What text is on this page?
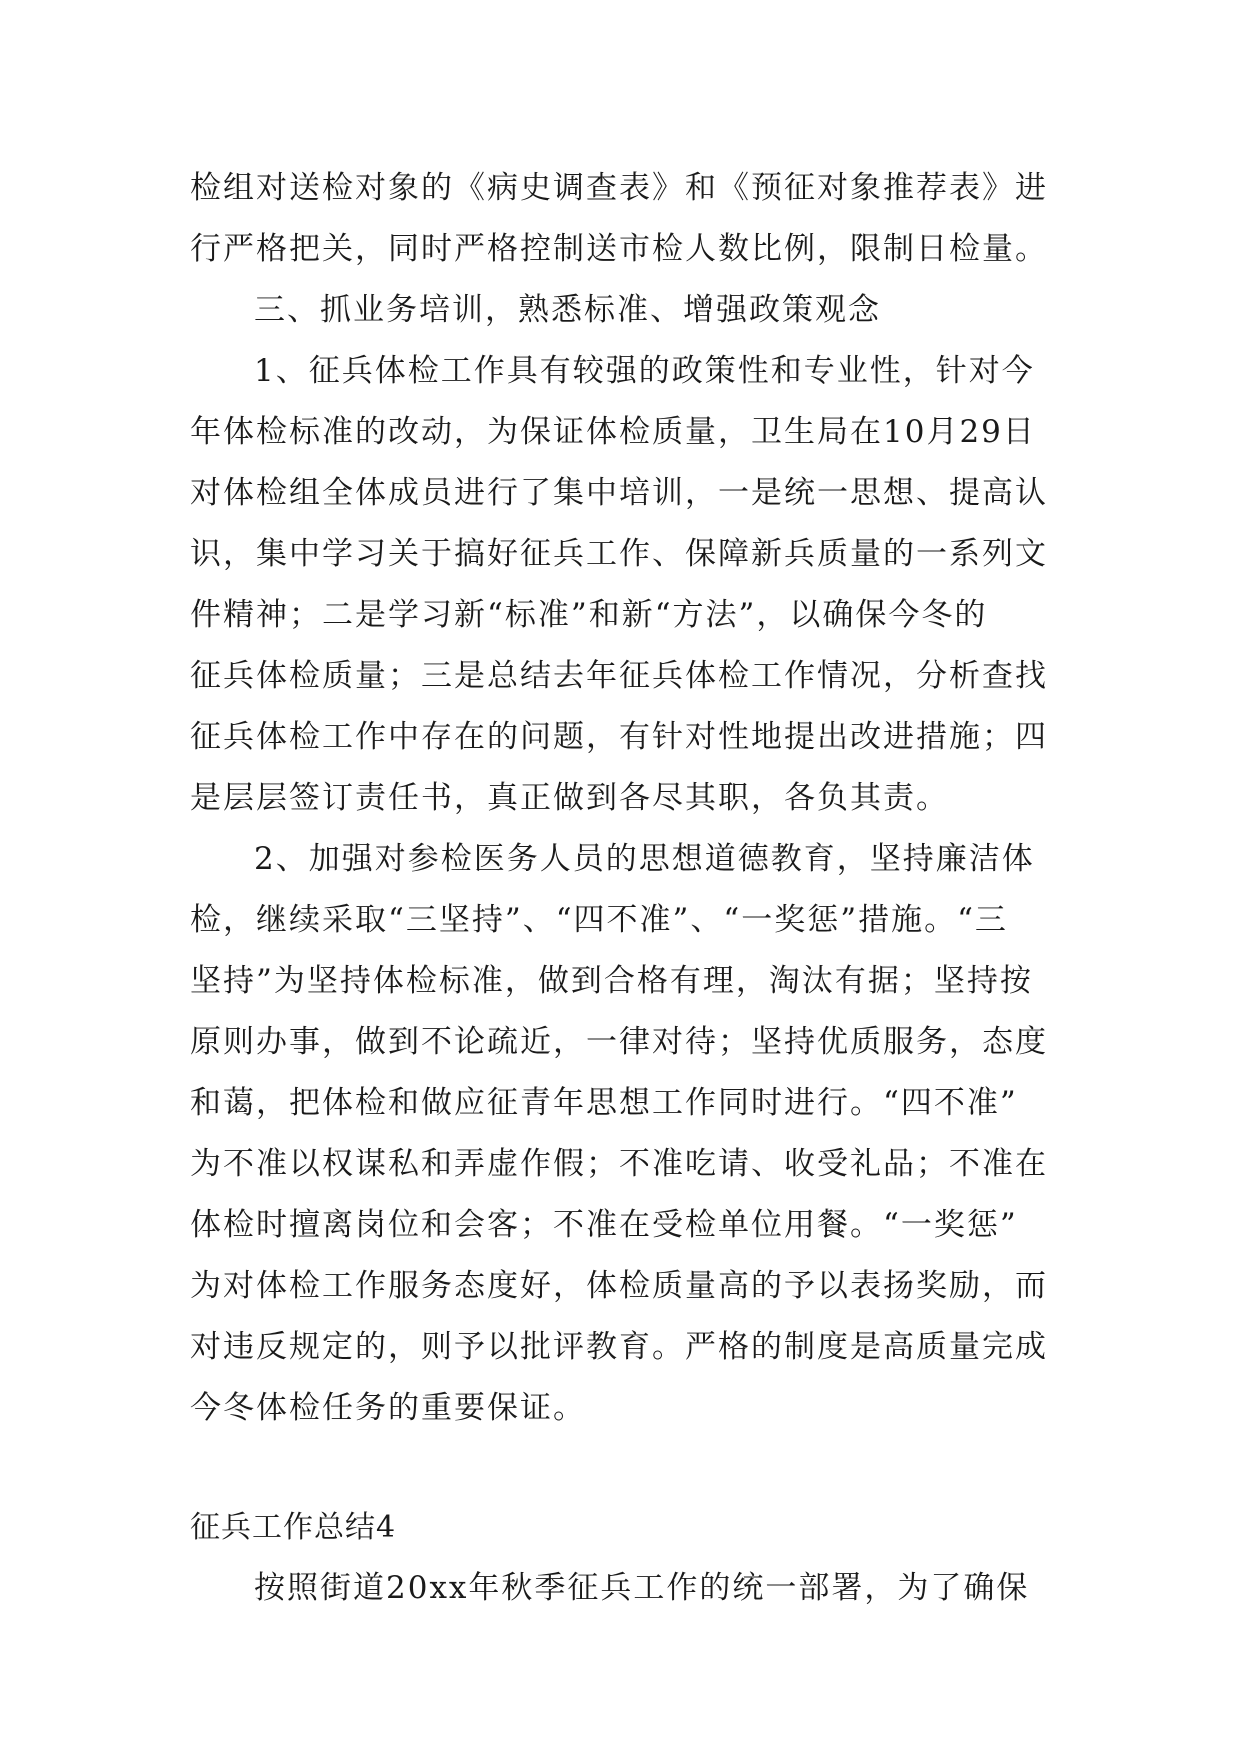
检组对送检对象的《病史调查表》和《预征对象推荐表》进
行严格把关，同时严格控制送市检人数比例，限制日检量。
三、抓业务培训，熟悉标准、增强政策观念
1、征兵体检工作具有较强的政策性和专业性，针对今
年体检标准的改动，为保证体检质量，卫生局在10月29日
对体检组全体成员进行了集中培训，一是统一思想、提高认
识，集中学习关于搞好征兵工作、保障新兵质量的一系列文
件精神；二是学习新“标准”和新“方法”，以确保今冬的
征兵体检质量；三是总结去年征兵体检工作情况，分析查找
征兵体检工作中存在的问题，有针对性地提出改进措施；四
是层层签订责任书，真正做到各尽其职，各负其责。
2、加强对参检医务人员的思想道德教育，坚持廉洁体
检，继续采取“三坚持”、“四不准”、“一奖惩”措施。“三
坚持”为坚持体检标准，做到合格有理，淘汰有据；坚持按
原则办事，做到不论疏近，一律对待；坚持优质服务，态度
和蔼，把体检和做应征青年思想工作同时进行。“四不准”
为不准以权谋私和弄虚作假；不准吃请、收受礼品；不准在
体检时擅离岗位和会客；不准在受检单位用餐。“一奖惩”
为对体检工作服务态度好，体检质量高的予以表扬奖励，而
对违反规定的，则予以批评教育。严格的制度是高质量完成
今冬体检任务的重要保证。
征兵工作总结4
按照街道20xx年秋季征兵工作的统一部署，为了确保
